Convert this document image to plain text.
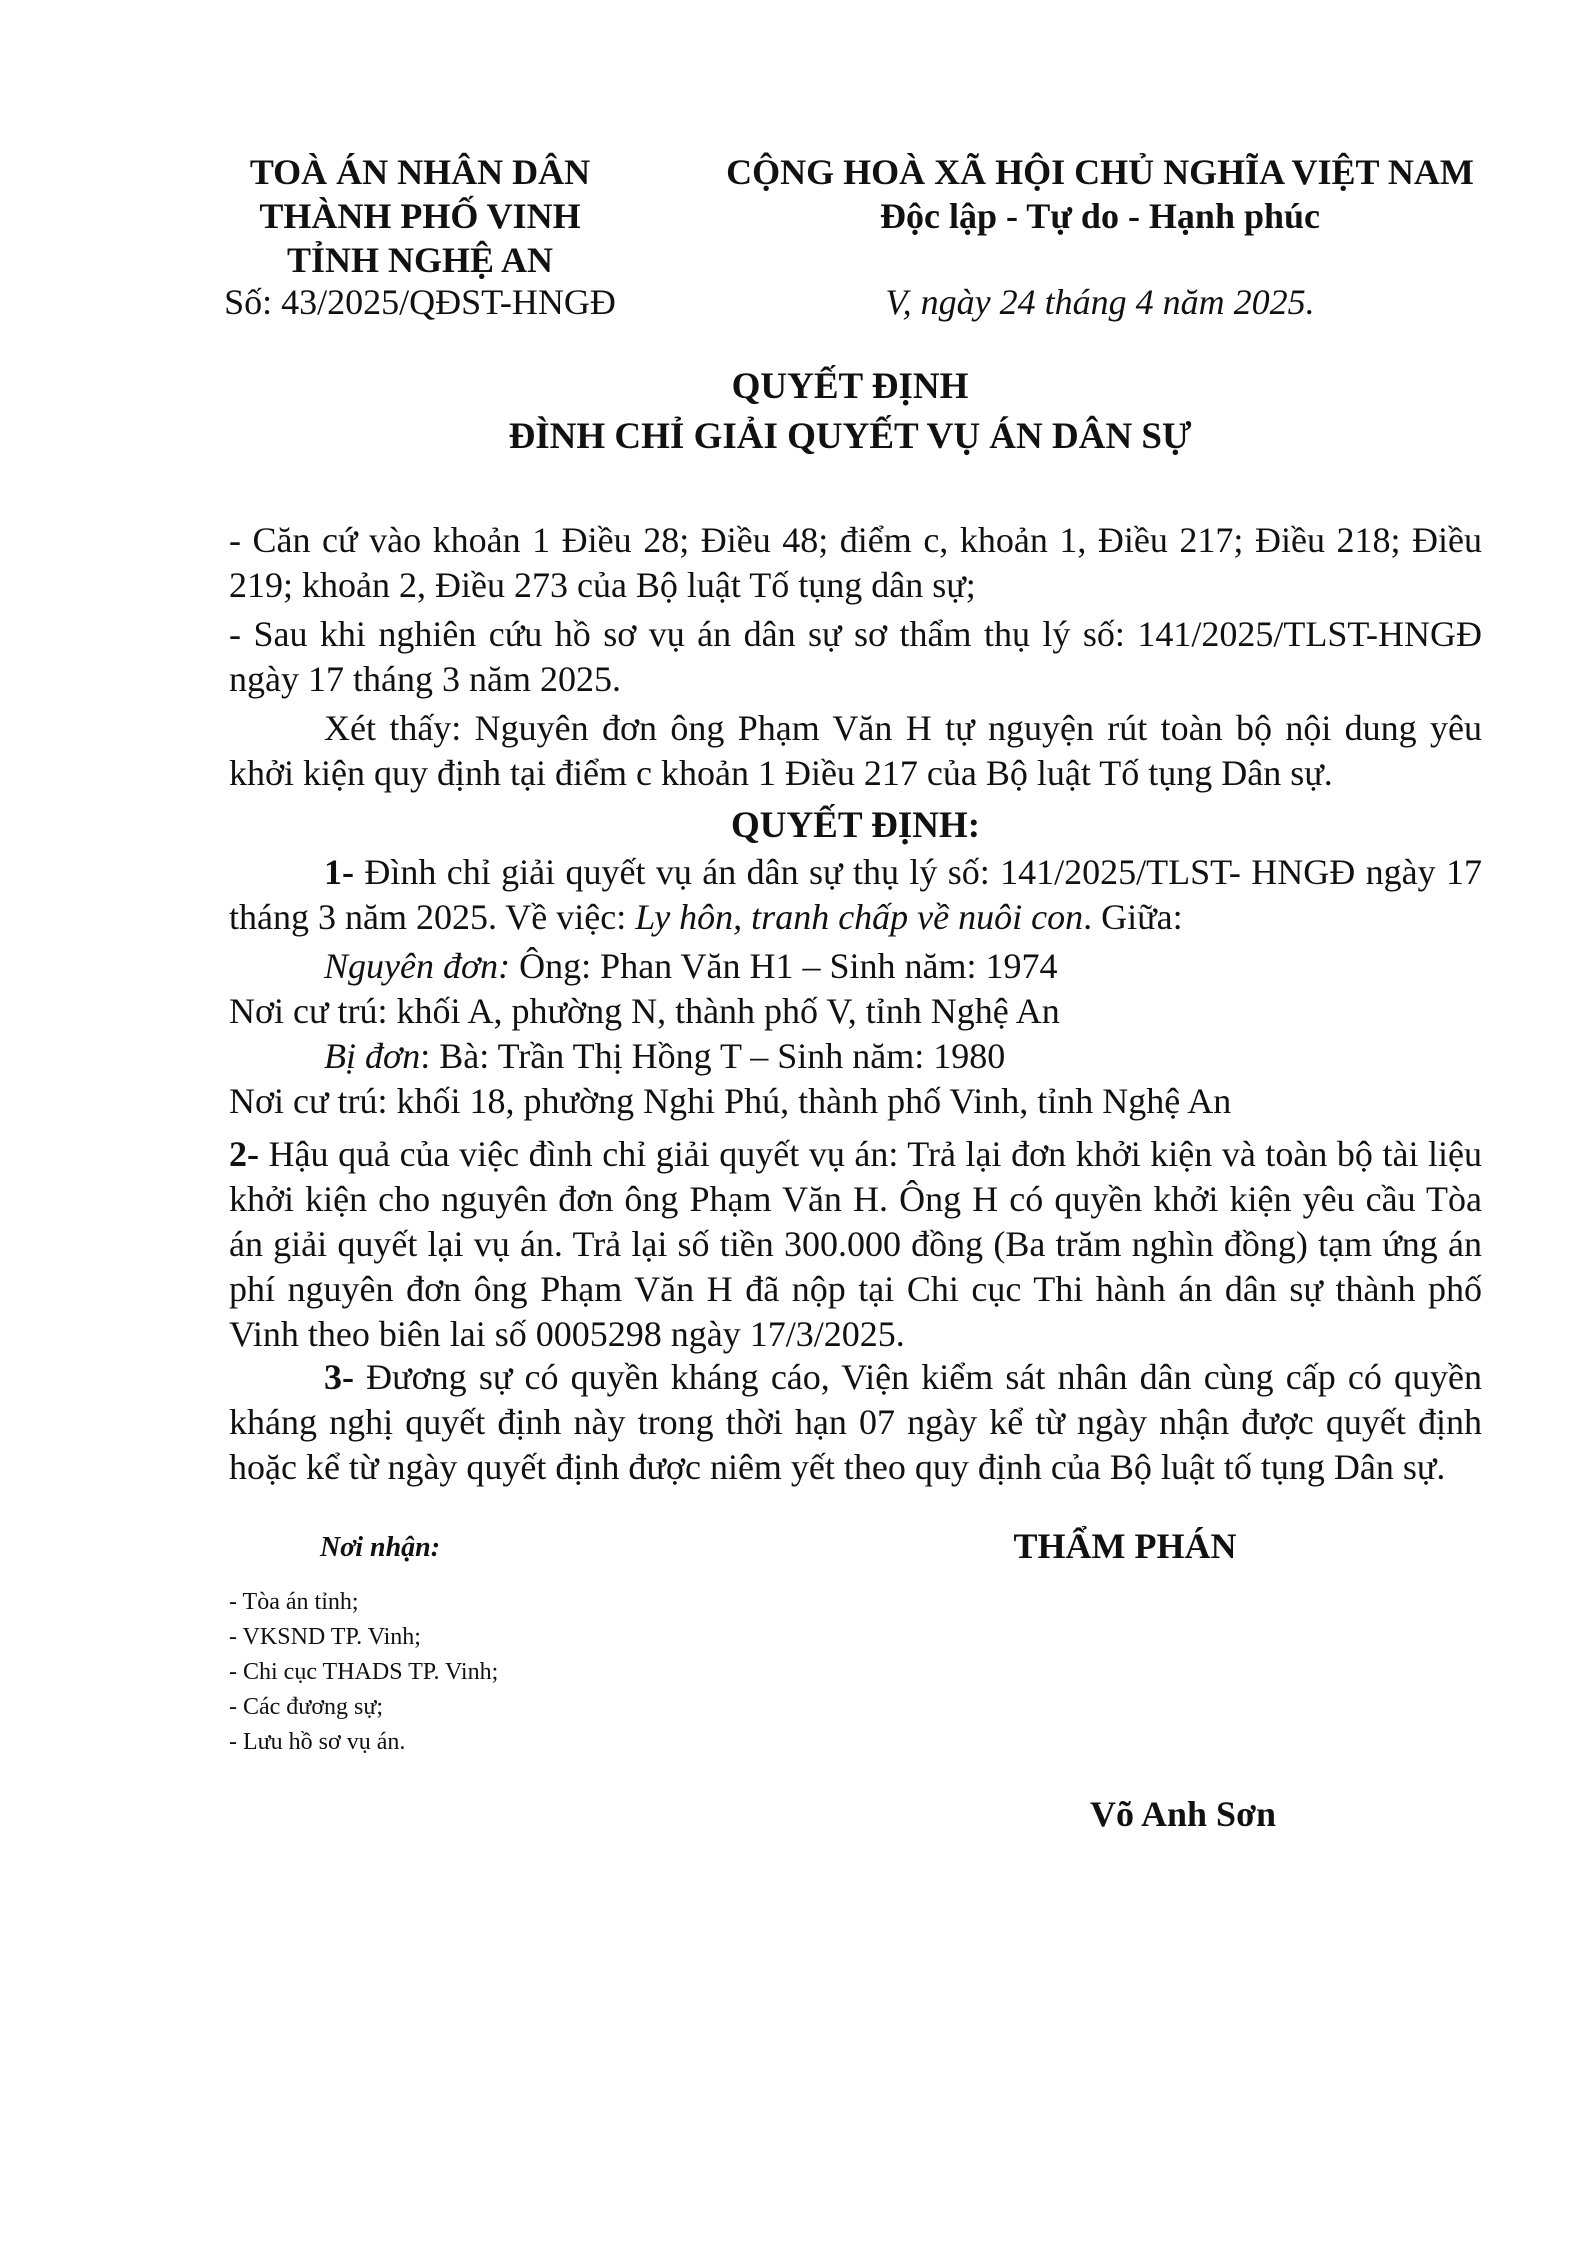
TOÀ ÁN NHÂN DÂN
THÀNH PHỐ VINH
TỈNH NGHỆ AN
Số: 43/2025/QĐST-HNGĐ
CỘNG HOÀ XÃ HỘI CHỦ NGHĨA VIỆT NAM
Độc lập - Tự do - Hạnh phúc
V, ngày 24 tháng 4 năm 2025.
QUYẾT ĐỊNH
ĐÌNH CHỈ GIẢI QUYẾT VỤ ÁN DÂN SỰ

- Căn cứ vào khoản 1 Điều 28; Điều 48; điểm c, khoản 1, Điều 217; Điều 218; Điều 219; khoản 2, Điều 273 của Bộ luật Tố tụng dân sự;

- Sau khi nghiên cứu hồ sơ vụ án dân sự sơ thẩm thụ lý số: 141/2025/TLST-HNGĐ ngày 17 tháng 3 năm 2025.

Xét thấy: Nguyên đơn ông Phạm Văn H tự nguyện rút toàn bộ nội dung yêu khởi kiện quy định tại điểm c khoản 1 Điều 217 của Bộ luật Tố tụng Dân sự.

QUYẾT ĐỊNH:

1- Đình chỉ giải quyết vụ án dân sự thụ lý số: 141/2025/TLST- HNGĐ ngày 17 tháng 3 năm 2025. Về việc: Ly hôn, tranh chấp về nuôi con. Giữa:

Nguyên đơn: Ông: Phan Văn H1 – Sinh năm: 1974

Nơi cư trú: khối A, phường N, thành phố V, tỉnh Nghệ An

Bị đơn: Bà: Trần Thị Hồng T – Sinh năm: 1980

Nơi cư trú: khối 18, phường Nghi Phú, thành phố Vinh, tỉnh Nghệ An

2- Hậu quả của việc đình chỉ giải quyết vụ án: Trả lại đơn khởi kiện và toàn bộ tài liệu khởi kiện cho nguyên đơn ông Phạm Văn H. Ông H có quyền khởi kiện yêu cầu Tòa án giải quyết lại vụ án. Trả lại số tiền 300.000 đồng (Ba trăm nghìn đồng) tạm ứng án phí nguyên đơn ông Phạm Văn H đã nộp tại Chi cục Thi hành án dân sự thành phố Vinh theo biên lai số 0005298 ngày 17/3/2025.

3- Đương sự có quyền kháng cáo, Viện kiểm sát nhân dân cùng cấp có quyền kháng nghị quyết định này trong thời hạn 07 ngày kể từ ngày nhận được quyết định hoặc kể từ ngày quyết định được niêm yết theo quy định của Bộ luật tố tụng Dân sự.

Nơi nhận:

- Tòa án tỉnh;

- VKSND TP. Vinh;

- Chi cục THADS TP. Vinh;

- Các đương sự;

- Lưu hồ sơ vụ án.

THẨM PHÁN
Võ Anh Sơn
